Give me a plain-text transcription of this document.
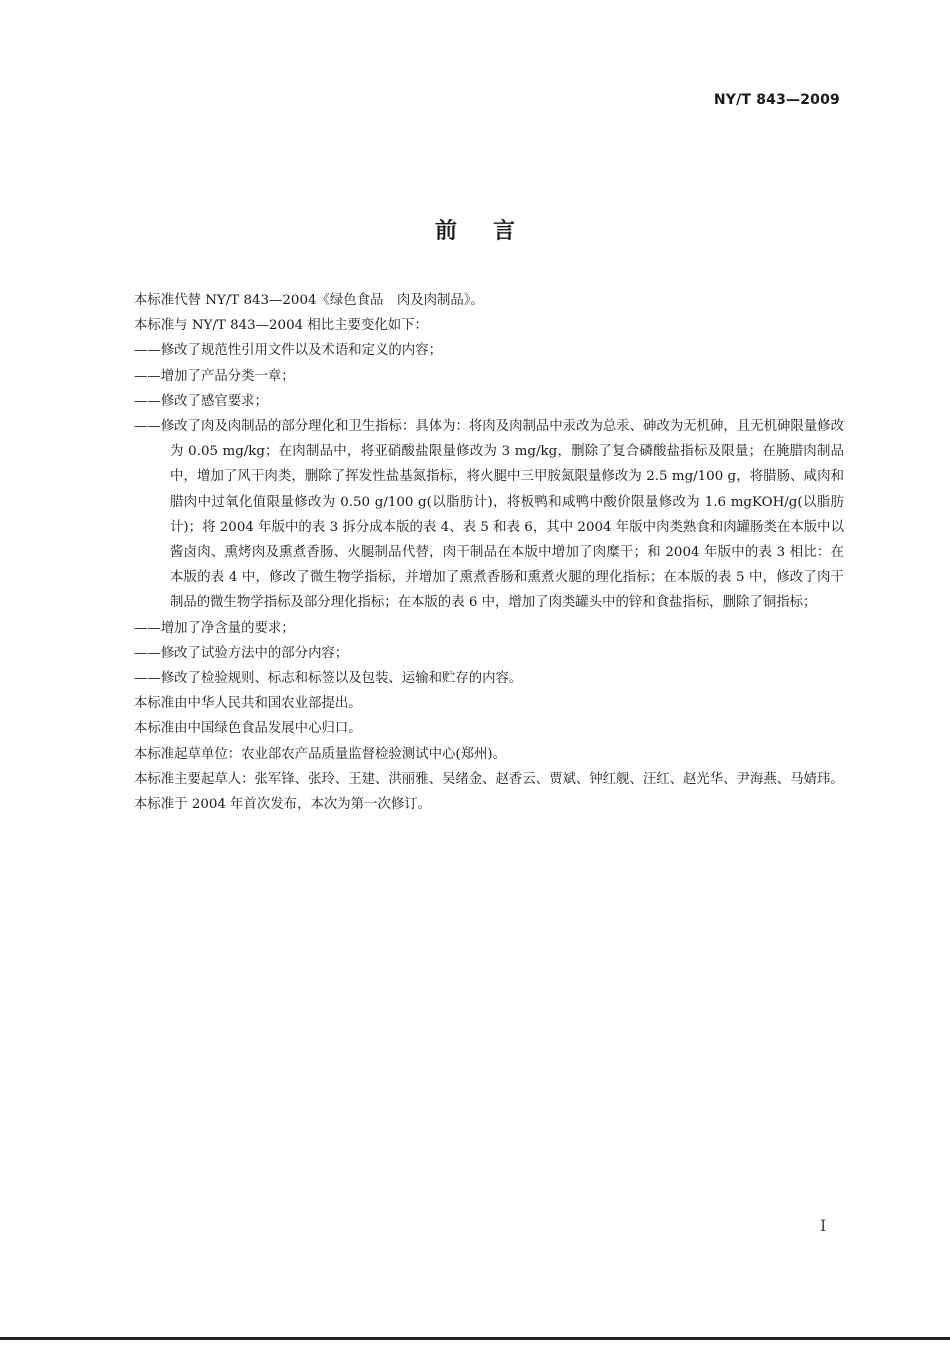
NY/T 843—2009
前言

本标准代替 NY/T 843—2004《绿色食品　肉及肉制品》。

本标准与 NY/T 843—2004 相比主要变化如下：

——修改了规范性引用文件以及术语和定义的内容；

——增加了产品分类一章；

——修改了感官要求；

——修改了肉及肉制品的部分理化和卫生指标：具体为：将肉及肉制品中汞改为总汞、砷改为无机砷，且无机砷限量修改为 0.05 mg/kg；在肉制品中，将亚硝酸盐限量修改为 3 mg/kg，删除了复合磷酸盐指标及限量；在腌腊肉制品中，增加了风干肉类，删除了挥发性盐基氮指标，将火腿中三甲胺氮限量修改为 2.5 mg/100 g，将腊肠、咸肉和腊肉中过氧化值限量修改为 0.50 g/100 g(以脂肪计)，将板鸭和咸鸭中酸价限量修改为 1.6 mgKOH/g(以脂肪计)；将 2004 年版中的表 3 拆分成本版的表 4、表 5 和表 6，其中 2004 年版中肉类熟食和肉罐肠类在本版中以酱卤肉、熏烤肉及熏煮香肠、火腿制品代替，肉干制品在本版中增加了肉糜干；和 2004 年版中的表 3 相比：在本版的表 4 中，修改了微生物学指标，并增加了熏煮香肠和熏煮火腿的理化指标；在本版的表 5 中，修改了肉干制品的微生物学指标及部分理化指标；在本版的表 6 中，增加了肉类罐头中的锌和食盐指标，删除了铜指标；

——增加了净含量的要求；

——修改了试验方法中的部分内容；

——修改了检验规则、标志和标签以及包装、运输和贮存的内容。

本标准由中华人民共和国农业部提出。

本标准由中国绿色食品发展中心归口。

本标准起草单位：农业部农产品质量监督检验测试中心(郑州)。

本标准主要起草人：张军锋、张玲、王建、洪丽雅、吴绪金、赵香云、贾斌、钟红舰、汪红、赵光华、尹海燕、马婧玮。

本标准于 2004 年首次发布，本次为第一次修订。

I
